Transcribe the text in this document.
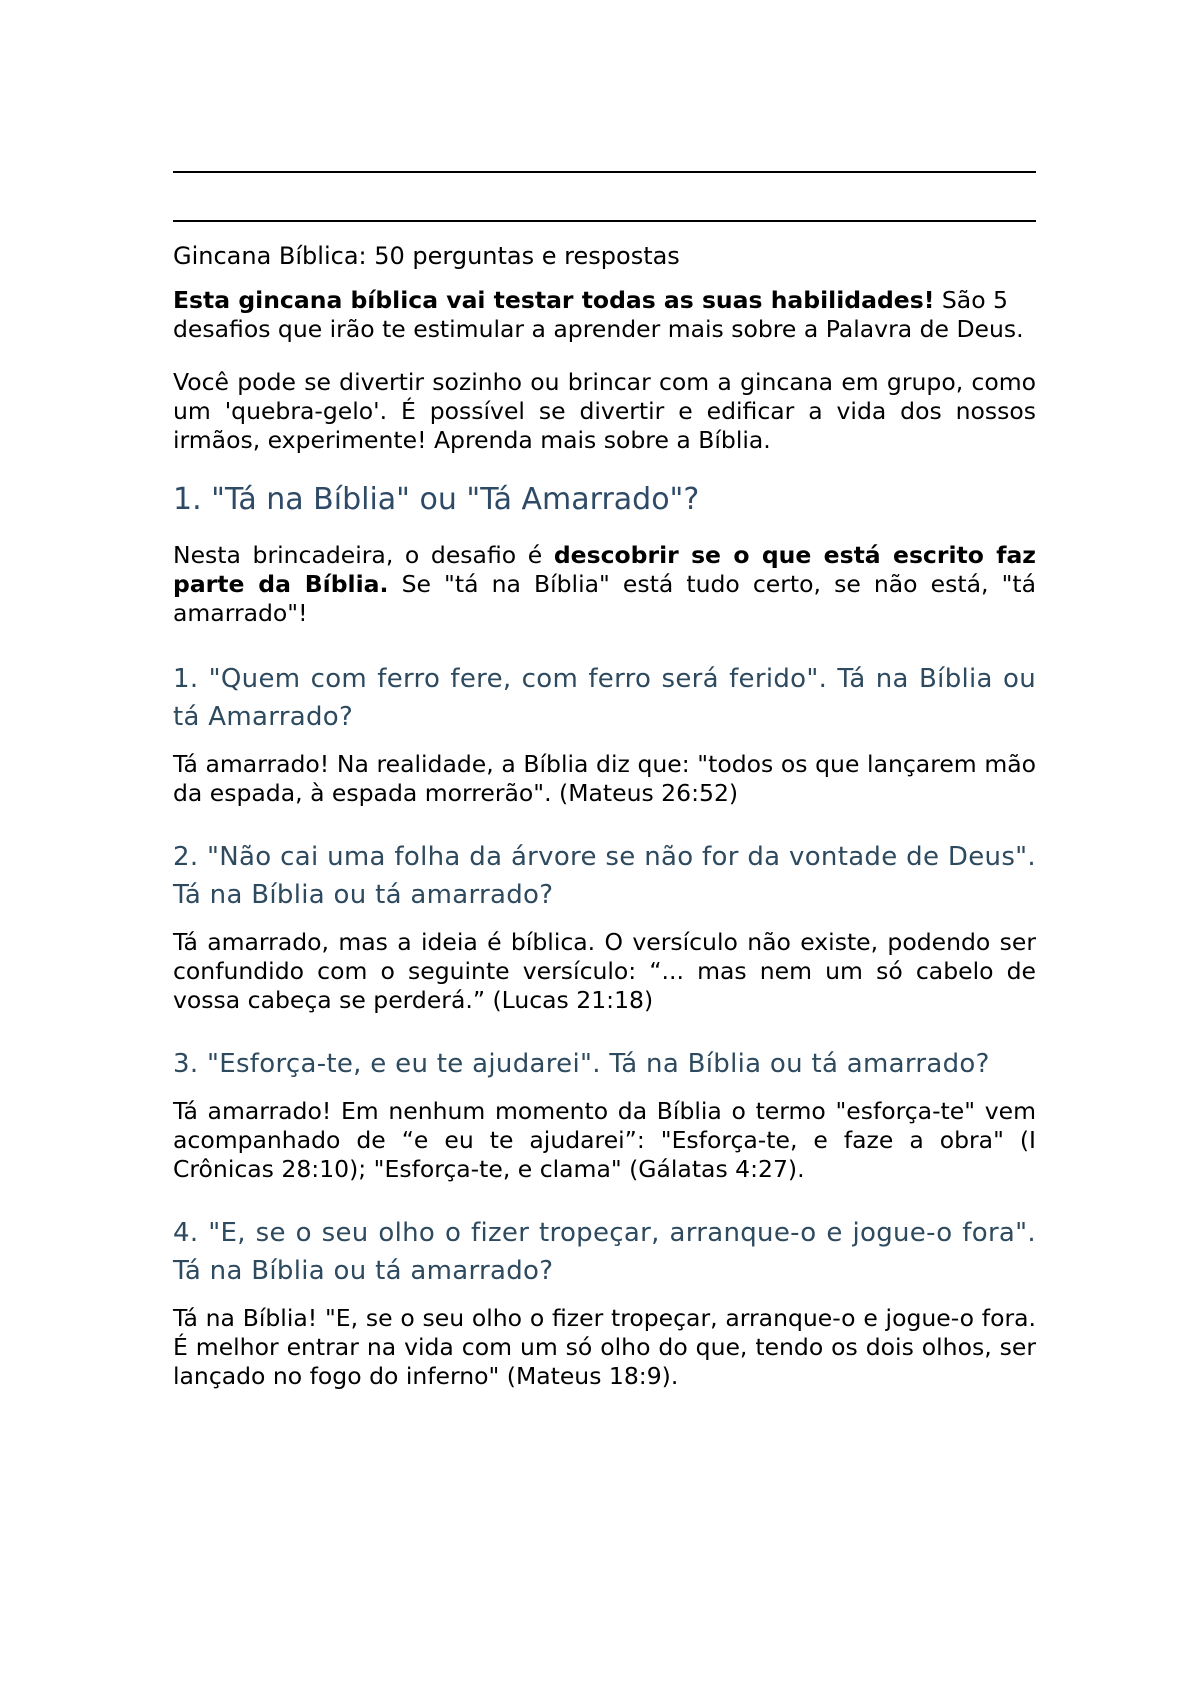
Gincana Bíblica: 50 perguntas e respostas

Esta gincana bíblica vai testar todas as suas habilidades! São 5 desafios que irão te estimular a aprender mais sobre a Palavra de Deus.

Você pode se divertir sozinho ou brincar com a gincana em grupo, como um 'quebra-gelo'. É possível se divertir e edificar a vida dos nossos irmãos, experimente! Aprenda mais sobre a Bíblia.

1. "Tá na Bíblia" ou "Tá Amarrado"?

Nesta brincadeira, o desafio é descobrir se o que está escrito faz parte da Bíblia. Se "tá na Bíblia" está tudo certo, se não está, "tá amarrado"!

1. "Quem com ferro fere, com ferro será ferido". Tá na Bíblia ou tá Amarrado?

Tá amarrado! Na realidade, a Bíblia diz que: "todos os que lançarem mão da espada, à espada morrerão". (Mateus 26:52)

2. "Não cai uma folha da árvore se não for da vontade de Deus". Tá na Bíblia ou tá amarrado?

Tá amarrado, mas a ideia é bíblica. O versículo não existe, podendo ser confundido com o seguinte versículo: “... mas nem um só cabelo de vossa cabeça se perderá.” (Lucas 21:18)

3. "Esforça-te, e eu te ajudarei". Tá na Bíblia ou tá amarrado?

Tá amarrado! Em nenhum momento da Bíblia o termo "esforça-te" vem acompanhado de “e eu te ajudarei”: "Esforça-te, e faze a obra" (I Crônicas 28:10); "Esforça-te, e clama" (Gálatas 4:27).

4. "E, se o seu olho o fizer tropeçar, arranque-o e jogue-o fora". Tá na Bíblia ou tá amarrado?

Tá na Bíblia! "E, se o seu olho o fizer tropeçar, arranque-o e jogue-o fora. É melhor entrar na vida com um só olho do que, tendo os dois olhos, ser lançado no fogo do inferno" (Mateus 18:9).
